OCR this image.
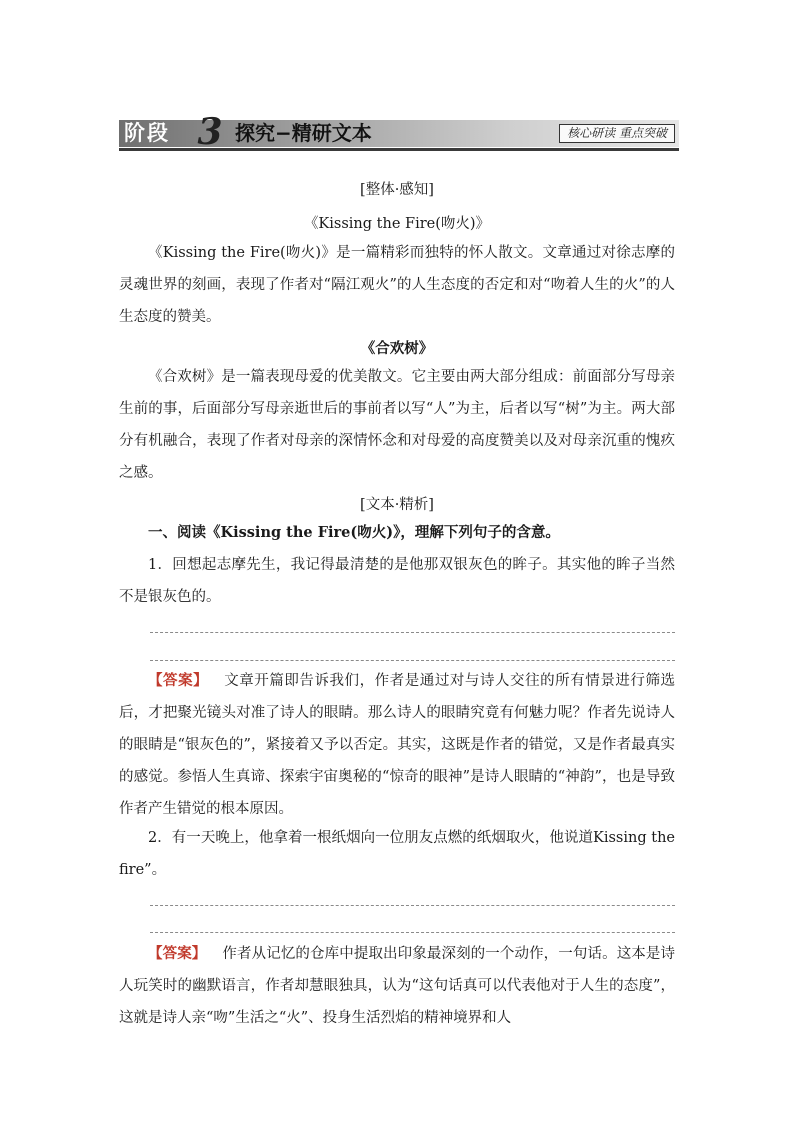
阶段 3 探究−精研文本	核心研读 重点突破
[整体·感知]
《Kissing the Fire(吻火)》
《Kissing the Fire(吻火)》是一篇精彩而独特的怀人散文。文章通过对徐志摩的灵魂世界的刻画，表现了作者对“隔江观火”的人生态度的否定和对“吻着人生的火”的人生态度的赞美。
《合欢树》
《合欢树》是一篇表现母爱的优美散文。它主要由两大部分组成：前面部分写母亲生前的事，后面部分写母亲逝世后的事前者以写“人”为主，后者以写“树”为主。两大部分有机融合，表现了作者对母亲的深情怀念和对母爱的高度赞美以及对母亲沉重的愧疚之感。
[文本·精析]
一、阅读《Kissing the Fire(吻火)》，理解下列句子的含意。
1．回想起志摩先生，我记得最清楚的是他那双银灰色的眸子。其实他的眸子当然不是银灰色的。
【答案】 文章开篇即告诉我们，作者是通过对与诗人交往的所有情景进行筛选后，才把聚光镜头对准了诗人的眼睛。那么诗人的眼睛究竟有何魅力呢？作者先说诗人的眼睛是“银灰色的”，紧接着又予以否定。其实，这既是作者的错觉，又是作者最真实的感觉。参悟人生真谛、探索宇宙奥秘的“惊奇的眼神”是诗人眼睛的“神韵”，也是导致作者产生错觉的根本原因。
2．有一天晚上，他拿着一根纸烟向一位朋友点燃的纸烟取火，他说道Kissing the fire”。
【答案】 作者从记忆的仓库中提取出印象最深刻的一个动作，一句话。这本是诗人玩笑时的幽默语言，作者却慧眼独具，认为“这句话真可以代表他对于人生的态度”，这就是诗人亲“吻”生活之“火”、投身生活烈焰的精神境界和人
